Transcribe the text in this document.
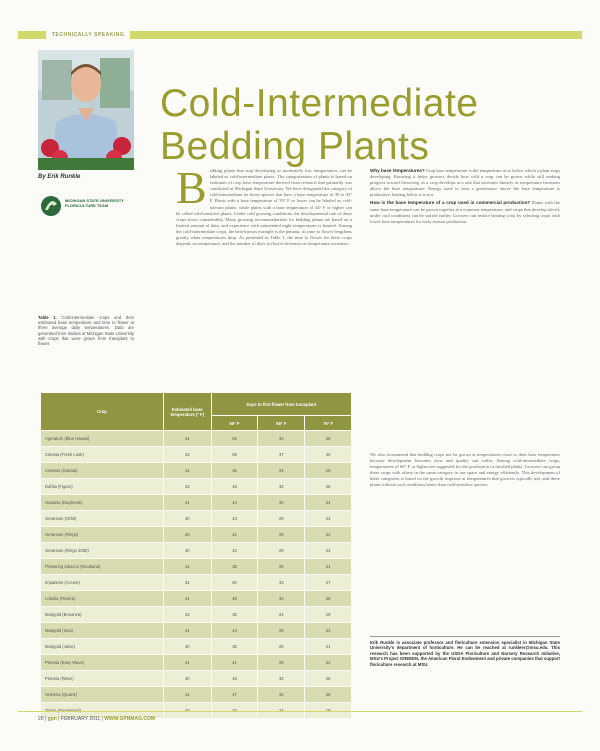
TECHNICALLY SPEAKING
By Erik Runkle
MICHIGAN STATE UNIVERSITY FLORICULTURE TEAM
Cold-Intermediate Bedding Plants
B edding plants that stop developing at moderately low temperatures can be labeled as cold-intermediate plants. The categorization of plants is based on estimates of crop base temperature derived from research that primarily was conducted at Michigan State University. We have designated the category of cold-intermediate for those species that have a base temperature of 39 to 43° F. Plants with a base temperature of 39° F or lower can be labeled as cold-tolerant plants, while plants with a base temperature of 44° F or higher can be called cold-sensitive plants. Under cold growing conditions, the developmental rate of these crops slows considerably. Many growing recommendations for bedding plants are based on a limited amount of data, and experience with unintended night temperatures is limited. Among the cold-intermediate crops, the best-known example is the petunia; its time to flower lengthens greatly when temperatures drop. As presented in Table 1, the time to flower for these crops depends on temperature, and the number of days to flower decreases as temperature increases.

Why base temperatures? Crop base temperature is the temperature at or below which a plant stops developing. Knowing it helps growers decide how cold a crop can be grown while still making progress toward flowering, as a crop develops at a rate that increases linearly as temperature increases above the base temperature. Energy used to heat a greenhouse above the base temperature is productive; heating below it is not.

How is the base temperature of a crop used in commercial production? Plants with the same base temperature can be grown together at a common temperature, and crops that develop slowly under cool conditions can be started earlier. Growers can reduce heating costs by selecting crops with lower base temperatures for early-season production.

We also recommend that bedding crops not be grown at temperatures close to their base temperature because development becomes slow and quality can suffer. Among cold-intermediate crops, temperatures of 60° F or higher are suggested for the production of finished plants. Growers can group these crops with others in the same category to use space and energy efficiently. This development of these categories is based on the growth response at temperatures that growers typically use, and these plants tolerate cool conditions better than cold-sensitive species.
Table 1. Cold-intermediate crops and their estimated base temperature and time to flower at three average daily temperatures. Data are generated from studies at Michigan State University with crops that were grown from transplant to flower.
Crop	Estimated base temperature (° F)	Days to first flower from transplant		
		60° F	68° F	75° F
Ageratum (Blue Hawaii)	44	56	33	26
Celosia (Fresh Look)	43	56	37	30
Cosmos (Sonata)	42	36	24	19
Dahlia (Figaro)	43	46	32	26
Gazania (Daybreak)	41	44	30	24
Geranium (Orbit)	40	43	29	23
Geranium (Ringo)	40	42	28	22
Geranium (Ringo 2000)	40	42	29	23
Flowering tobacco (Nicotiana)	42	38	26	21
Impatiens (Accent)	42	50	33	27
Lobelia (Riviera)	41	49	33	26
Marigold (Bonanza)	43	35	24	19
Marigold (Inca)	41	43	29	23
Marigold (Janie)	40	38	26	21
Petunia (Easy Wave)	41	41	28	22
Petunia (Wave)	40	48	32	26
Verbena (Quartz)	42	47	32	26

Erik Runkle is associate professor and floriculture extension specialist in Michigan State University's department of horticulture. He can be reached at runkleer@msu.edu. This research has been supported by the USDA Floriculture and Nursery Research Initiative, MSU's Project GREEEN, the American Floral Endowment and private companies that support floriculture research at MSU.
20 | gpn | FEBRUARY 2011 | WWW.GPNMAG.COM
